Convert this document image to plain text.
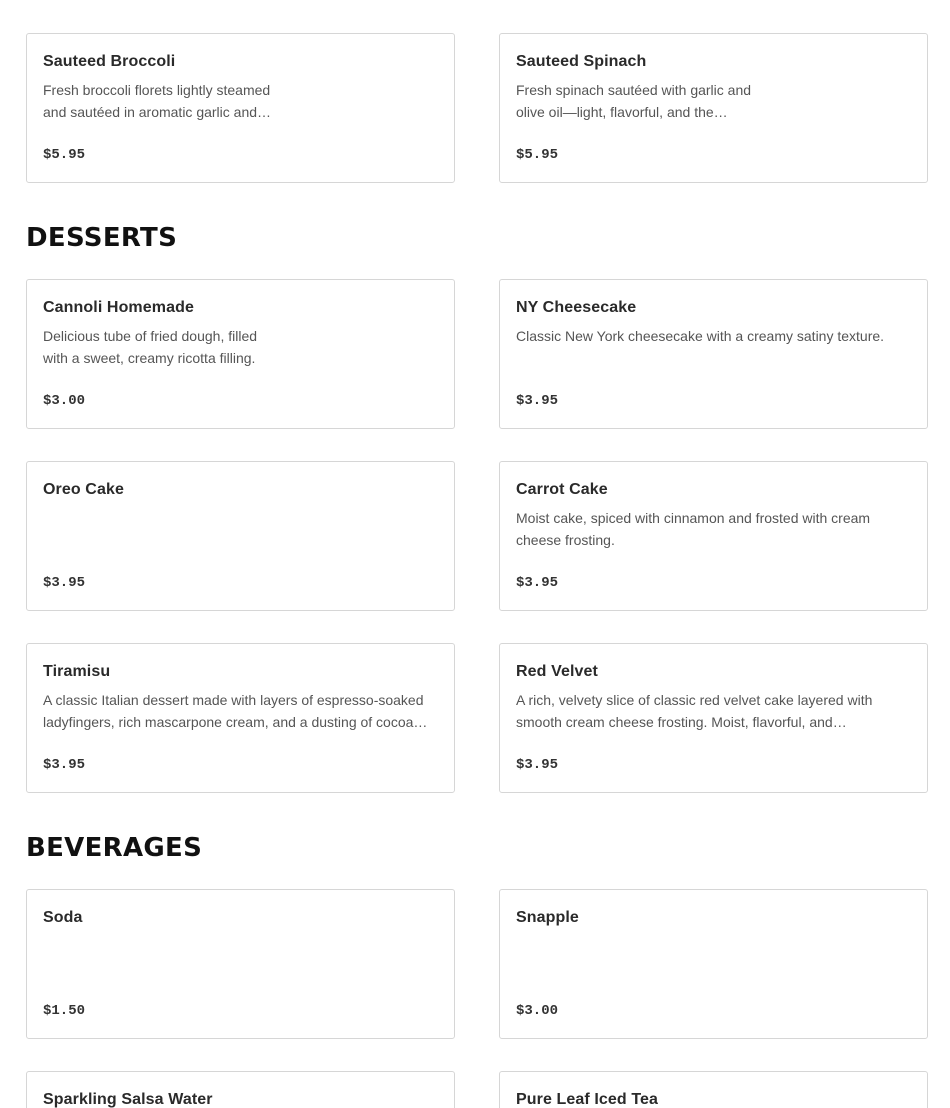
Sauteed Broccoli
Fresh broccoli florets lightly steamed and sautéed in aromatic garlic and…
$5.95
Sauteed Spinach
Fresh spinach sautéed with garlic and olive oil—light, flavorful, and the…
$5.95
DESSERTS
Cannoli Homemade
Delicious tube of fried dough, filled with a sweet, creamy ricotta filling.
$3.00
NY Cheesecake
Classic New York cheesecake with a creamy satiny texture.
$3.95
Oreo Cake
$3.95
Carrot Cake
Moist cake, spiced with cinnamon and frosted with cream cheese frosting.
$3.95
Tiramisu
A classic Italian dessert made with layers of espresso-soaked ladyfingers, rich mascarpone cream, and a dusting of cocoa…
$3.95
Red Velvet
A rich, velvety slice of classic red velvet cake layered with smooth cream cheese frosting. Moist, flavorful, and…
$3.95
BEVERAGES
Soda
$1.50
Snapple
$3.00
Sparkling Salsa Water	Pure Leaf Iced Tea
